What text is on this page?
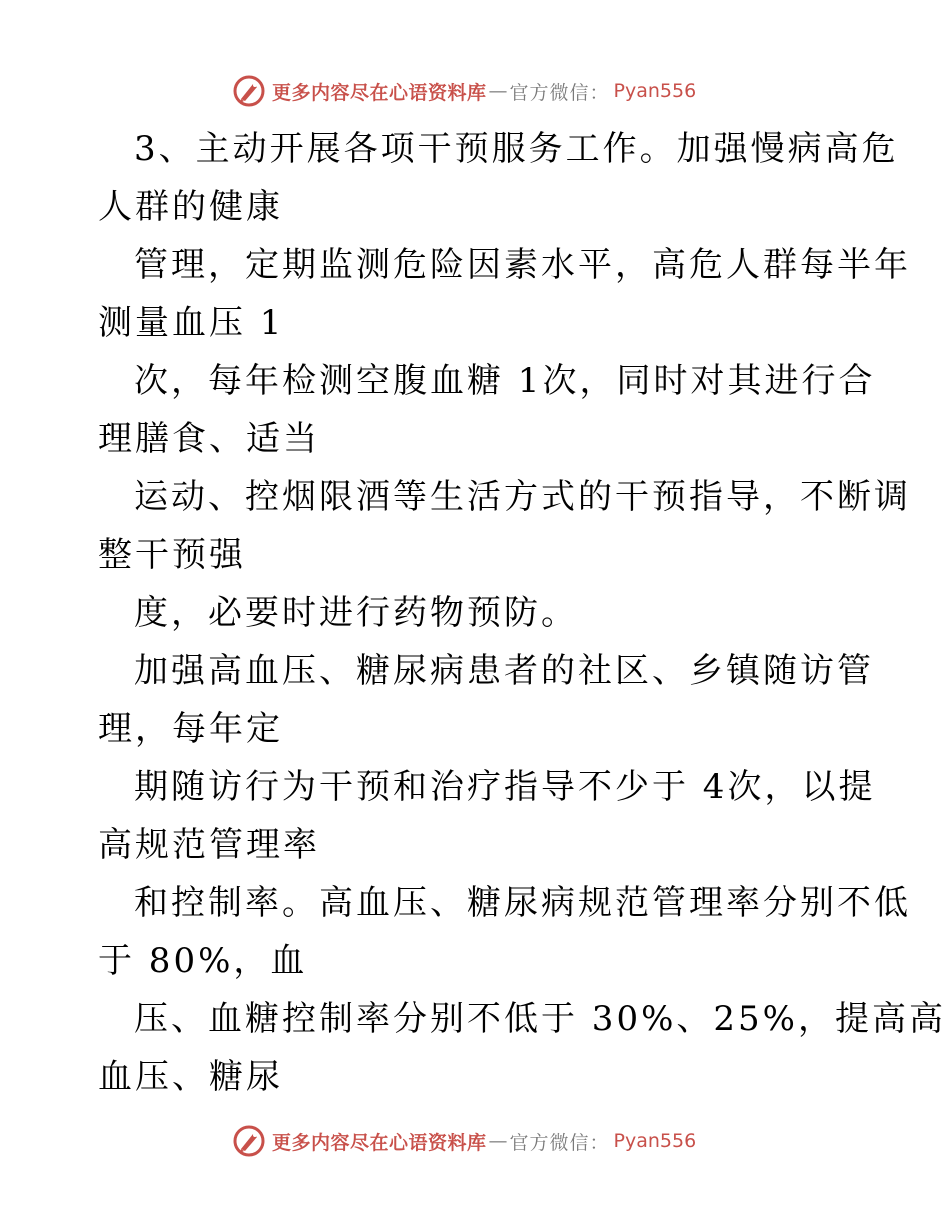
更多内容尽在心语资料库 — 官方微信： Pyan556
3、主动开展各项干预服务工作。加强慢病高危
人群的健康
管理，定期监测危险因素水平，高危人群每半年
测量血压 1
次，每年检测空腹血糖 1次，同时对其进行合
理膳食、适当
运动、控烟限酒等生活方式的干预指导，不断调
整干预强
度，必要时进行药物预防。
加强高血压、糖尿病患者的社区、乡镇随访管
理，每年定
期随访行为干预和治疗指导不少于 4次，以提
高规范管理率
和控制率。高血压、糖尿病规范管理率分别不低
于 80%，血
压、血糖控制率分别不低于 30%、25%，提高高
血压、糖尿
更多内容尽在心语资料库 — 官方微信： Pyan556
